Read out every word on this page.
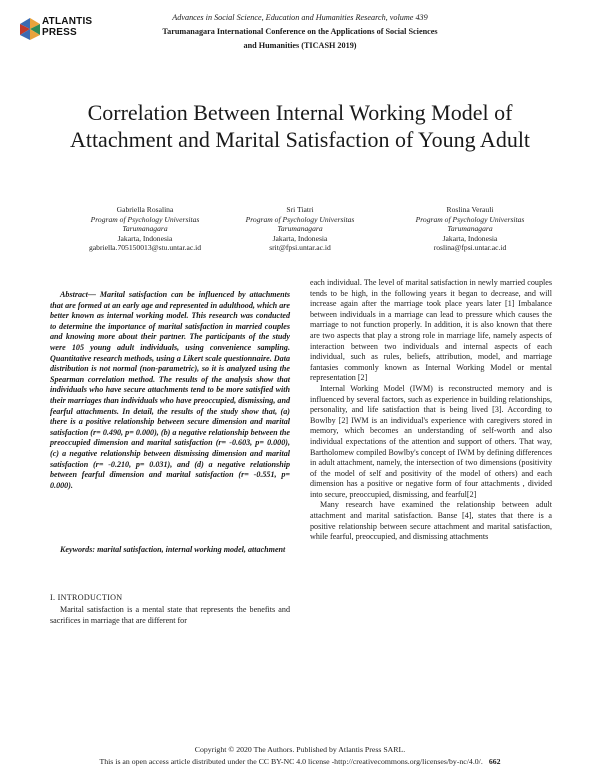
ATLANTIS
PRESS
Advances in Social Science, Education and Humanities Research, volume 439
Tarumanagara International Conference on the Applications of Social Sciences
and Humanities (TICASH 2019)
Correlation Between Internal Working Model of Attachment and Marital Satisfaction of Young Adult
Gabriella Rosalina
Program of Psychology Universitas Tarumanagara
Jakarta, Indonesia
gabriella.705150013@stu.untar.ac.id
Sri Tiatri
Program of Psychology Universitas Tarumanagara
Jakarta, Indonesia
srit@fpsi.untar.ac.id
Roslina Verauli
Program of Psychology Universitas Tarumanagara
Jakarta, Indonesia
roslina@fpsi.untar.ac.id

Abstract— Marital satisfaction can be influenced by attachments that are formed at an early age and represented in adulthood, which are better known as internal working model. This research was conducted to determine the importance of marital satisfaction in married couples and knowing more about their partner. The participants of the study were 105 young adult individuals, using convenience sampling. Quantitative research methods, using a Likert scale questionnaire. Data distribution is not normal (non-parametric), so it is analyzed using the Spearman correlation method. The results of the analysis show that individuals who have secure attachments tend to be more satisfied with their marriages than individuals who have preoccupied, dismissing, and fearful attachments. In detail, the results of the study show that, (a) there is a positive relationship between secure dimension and marital satisfaction (r= 0.490, p= 0.000), (b) a negative relationship between the preoccupied dimension and marital satisfaction (r= -0.603, p= 0.000), (c) a negative relationship between dismissing dimension and marital satisfaction (r= -0.210, p= 0.031), and (d) a negative relationship between fearful dimension and marital satisfaction (r= -0.551, p= 0.000).

Keywords: marital satisfaction, internal working model, attachment

I. INTRODUCTION

Marital satisfaction is a mental state that represents the benefits and sacrifices in marriage that are different for

each individual. The level of marital satisfaction in newly married couples tends to be high, in the following years it began to decrease, and will increase again after the marriage took place years later [1] Imbalance between individuals in a marriage can lead to pressure which causes the marriage to not function properly. In addition, it is also known that there are two aspects that play a strong role in marriage life, namely aspects of interaction between two individuals and internal aspects of each individual, such as rules, beliefs, attribution, model, and marriage fantasies commonly known as Internal Working Model or mental representation [2]

Internal Working Model (IWM) is reconstructed memory and is influenced by several factors, such as experience in building relationships, personality, and life satisfaction that is being lived [3]. According to Bowlby [2] IWM is an individual's experience with caregivers stored in memory, which becomes an understanding of self-worth and also individual expectations of the attention and support of others. That way, Bartholomew compiled Bowlby's concept of IWM by defining differences in adult attachment, namely, the intersection of two dimensions (positivity of the model of self and positivity of the model of others) and each dimension has a positive or negative form of four attachments , divided into secure, preoccupied, dismissing, and fearful[2]

Many research have examined the relationship between adult attachment and marital satisfaction. Banse [4], states that there is a positive relationship between secure attachment and marital satisfaction, while fearful, preoccupied, and dismissing attachments

Copyright © 2020 The Authors. Published by Atlantis Press SARL.
This is an open access article distributed under the CC BY-NC 4.0 license -http://creativecommons.org/licenses/by-nc/4.0/. 662
